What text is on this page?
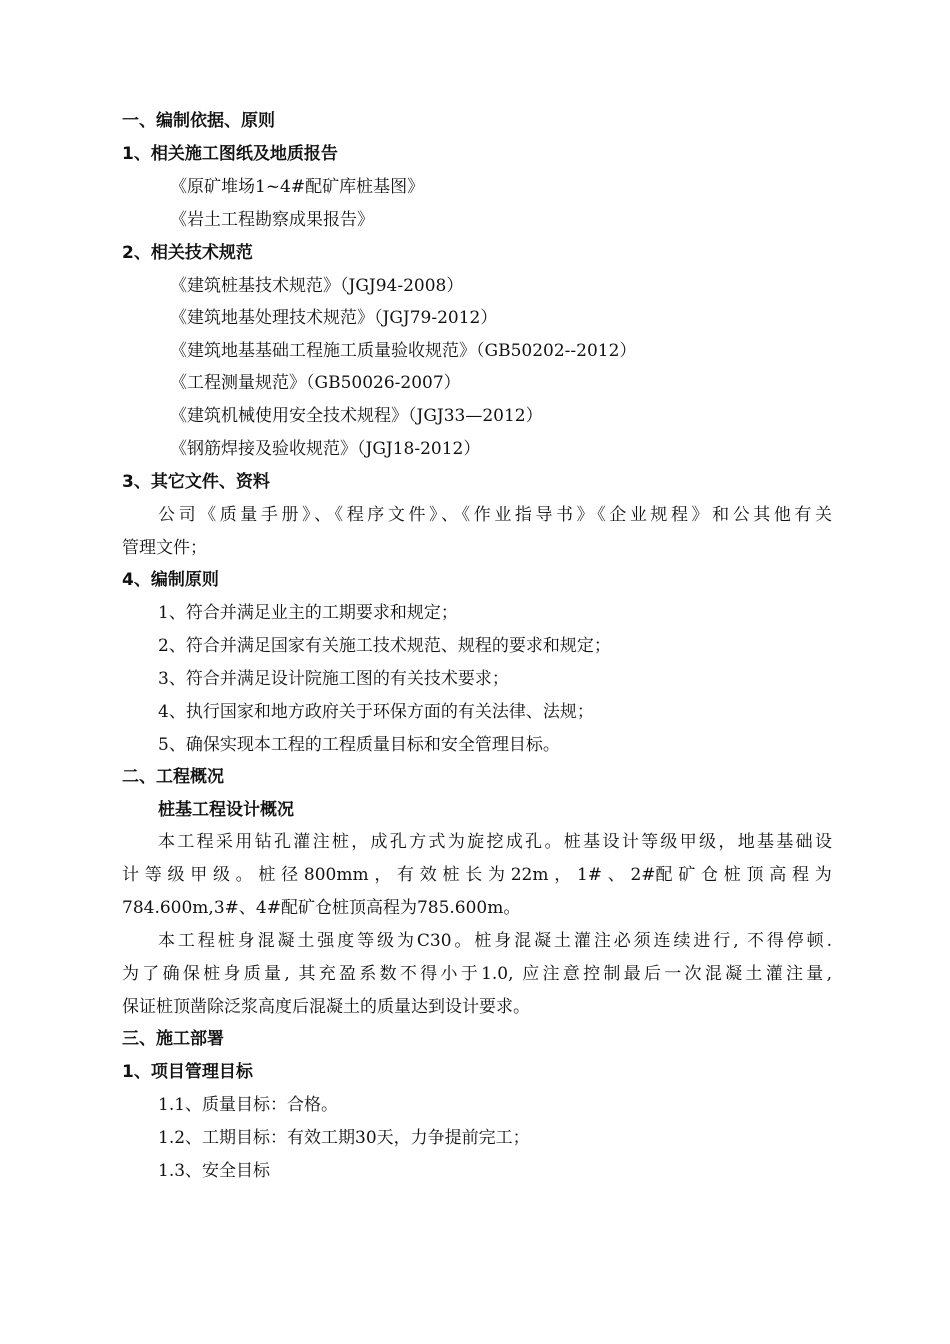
一、编制依据、原则
1、相关施工图纸及地质报告
《原矿堆场1~4#配矿库桩基图》
《岩土工程勘察成果报告》
2、相关技术规范
《建筑桩基技术规范》（JGJ94-2008）
《建筑地基处理技术规范》（JGJ79-2012）
《建筑地基基础工程施工质量验收规范》（GB50202--2012）
《工程测量规范》（GB50026-2007）
《建筑机械使用安全技术规程》（JGJ33—2012）
《钢筋焊接及验收规范》（JGJ18-2012）
3、其它文件、资料
公司《质量手册》、《程序文件》、《作业指导书》《企业规程》和公其他有关
管理文件；
4、编制原则
1、符合并满足业主的工期要求和规定；
2、符合并满足国家有关施工技术规范、规程的要求和规定；
3、符合并满足设计院施工图的有关技术要求；
4、执行国家和地方政府关于环保方面的有关法律、法规；
5、确保实现本工程的工程质量目标和安全管理目标。
二、工程概况
桩基工程设计概况
本工程采用钻孔灌注桩，成孔方式为旋挖成孔。桩基设计等级甲级，地基基础设
计 等 级 甲 级 。 桩 径 800mm ， 有 效 桩 长 为 22m ， 1# 、 2#配 矿 仓 桩 顶 高 程 为
784.600m,3#、4#配矿仓桩顶高程为785.600m。
本工程桩身混凝土强度等级为C30。桩身混凝土灌注必须连续进行, 不得停顿.
为了确保桩身质量, 其充盈系数不得小于1.0, 应注意控制最后一次混凝土灌注量,
保证桩顶凿除泛浆高度后混凝土的质量达到设计要求。
三、施工部署
1、项目管理目标
1.1、质量目标：合格。
1.2、工期目标：有效工期30天，力争提前完工；
1.3、安全目标
